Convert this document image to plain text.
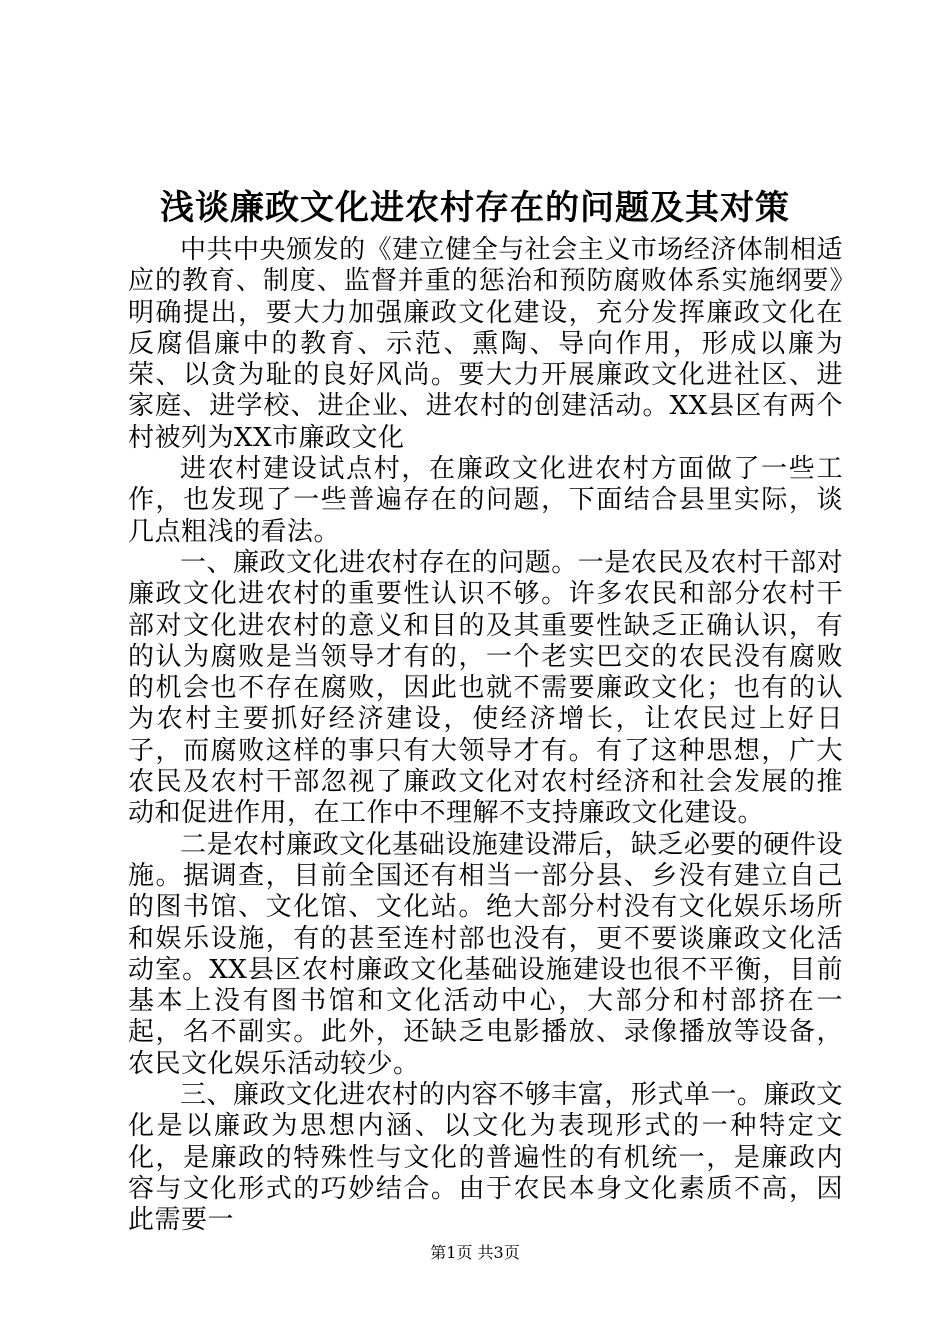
浅谈廉政文化进农村存在的问题及其对策

中共中央颁发的《建立健全与社会主义市场经济体制相适应的教育、制度、监督并重的惩治和预防腐败体系实施纲要》明确提出，要大力加强廉政文化建设，充分发挥廉政文化在反腐倡廉中的教育、示范、熏陶、导向作用，形成以廉为荣、以贪为耻的良好风尚。要大力开展廉政文化进社区、进家庭、进学校、进企业、进农村的创建活动。XX县区有两个村被列为XX市廉政文化

进农村建设试点村，在廉政文化进农村方面做了一些工作，也发现了一些普遍存在的问题，下面结合县里实际，谈几点粗浅的看法。

一、廉政文化进农村存在的问题。一是农民及农村干部对廉政文化进农村的重要性认识不够。许多农民和部分农村干部对文化进农村的意义和目的及其重要性缺乏正确认识，有的认为腐败是当领导才有的，一个老实巴交的农民没有腐败的机会也不存在腐败，因此也就不需要廉政文化；也有的认为农村主要抓好经济建设，使经济增长，让农民过上好日子，而腐败这样的事只有大领导才有。有了这种思想，广大农民及农村干部忽视了廉政文化对农村经济和社会发展的推动和促进作用，在工作中不理解不支持廉政文化建设。

二是农村廉政文化基础设施建设滞后，缺乏必要的硬件设施。据调查，目前全国还有相当一部分县、乡没有建立自己的图书馆、文化馆、文化站。绝大部分村没有文化娱乐场所和娱乐设施，有的甚至连村部也没有，更不要谈廉政文化活动室。XX县区农村廉政文化基础设施建设也很不平衡，目前基本上没有图书馆和文化活动中心，大部分和村部挤在一起，名不副实。此外，还缺乏电影播放、录像播放等设备，农民文化娱乐活动较少。

三、廉政文化进农村的内容不够丰富，形式单一。廉政文化是以廉政为思想内涵、以文化为表现形式的一种特定文化，是廉政的特殊性与文化的普遍性的有机统一，是廉政内容与文化形式的巧妙结合。由于农民本身文化素质不高，因此需要一

第1页 共3页
